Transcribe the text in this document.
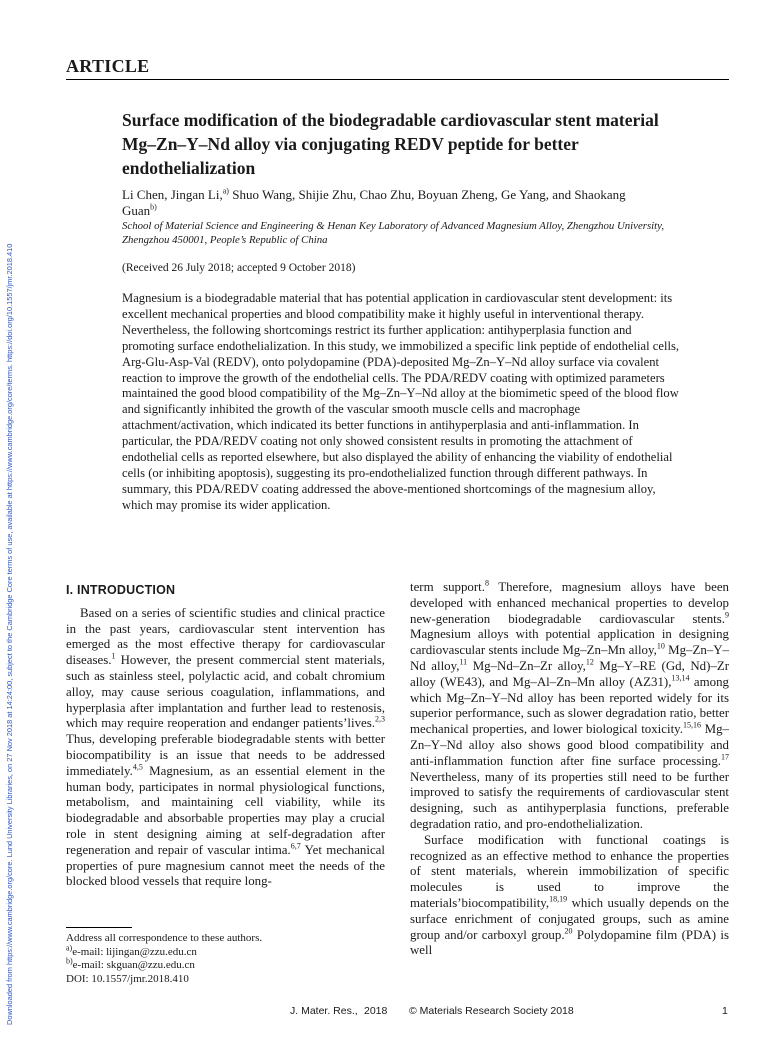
Downloaded from https://www.cambridge.org/core. Lund University Libraries, on 27 Nov 2018 at 14:24:00, subject to the Cambridge Core terms of use, available at https://www.cambridge.org/core/terms. https://doi.org/10.1557/jmr.2018.410
ARTICLE
Surface modification of the biodegradable cardiovascular stent material Mg–Zn–Y–Nd alloy via conjugating REDV peptide for better endothelialization

Li Chen, Jingan Li,$^{a)}$ Shuo Wang, Shijie Zhu, Chao Zhu, Boyuan Zheng, Ge Yang, and Shaokang Guan$^{b)}$

School of Material Science and Engineering & Henan Key Laboratory of Advanced Magnesium Alloy, Zhengzhou University, Zhengzhou 450001, People’s Republic of China

(Received 26 July 2018; accepted 9 October 2018)

Magnesium is a biodegradable material that has potential application in cardiovascular stent development: its excellent mechanical properties and blood compatibility make it highly useful in interventional therapy. Nevertheless, the following shortcomings restrict its further application: antihyperplasia function and promoting surface endothelialization. In this study, we immobilized a specific link peptide of endothelial cells, Arg-Glu-Asp-Val (REDV), onto polydopamine (PDA)-deposited Mg–Zn–Y–Nd alloy surface via covalent reaction to improve the growth of the endothelial cells. The PDA/REDV coating with optimized parameters maintained the good blood compatibility of the Mg–Zn–Y–Nd alloy at the biomimetic speed of the blood flow and significantly inhibited the growth of the vascular smooth muscle cells and macrophage attachment/activation, which indicated its better functions in antihyperplasia and anti-inflammation. In particular, the PDA/REDV coating not only showed consistent results in promoting the attachment of endothelial cells as reported elsewhere, but also displayed the ability of enhancing the viability of endothelial cells (or inhibiting apoptosis), suggesting its pro-endothelialized function through different pathways. In summary, this PDA/REDV coating addressed the above-mentioned shortcomings of the magnesium alloy, which may promise its wider application.

I. INTRODUCTION

Based on a series of scientific studies and clinical practice in the past years, cardiovascular stent intervention has emerged as the most effective therapy for cardiovascular diseases.$^1$ However, the present commercial stent materials, such as stainless steel, polylactic acid, and cobalt chromium alloy, may cause serious coagulation, inflammations, and hyperplasia after implantation and further lead to restenosis, which may require reoperation and endanger patients’lives.$^{2,3}$ Thus, developing preferable biodegradable stents with better biocompatibility is an issue that needs to be addressed immediately.$^{4,5}$ Magnesium, as an essential element in the human body, participates in normal physiological functions, metabolism, and maintaining cell viability, while its biodegradable and absorbable properties may play a crucial role in stent designing aiming at self-degradation after regeneration and repair of vascular intima.$^{6,7}$ Yet mechanical properties of pure magnesium cannot meet the needs of the blocked blood vessels that require long-

term support.$^8$ Therefore, magnesium alloys have been developed with enhanced mechanical properties to develop new-generation biodegradable cardiovascular stents.$^9$ Magnesium alloys with potential application in designing cardiovascular stents include Mg–Zn–Mn alloy,$^{10}$ Mg–Zn–Y–Nd alloy,$^{11}$ Mg–Nd–Zn–Zr alloy,$^{12}$ Mg–Y–RE (Gd, Nd)–Zr alloy (WE43), and Mg–Al–Zn–Mn alloy (AZ31),$^{13,14}$ among which Mg–Zn–Y–Nd alloy has been reported widely for its superior performance, such as slower degradation ratio, better mechanical properties, and lower biological toxicity.$^{15,16}$ Mg–Zn–Y–Nd alloy also shows good blood compatibility and anti-inflammation function after fine surface processing.$^{17}$ Nevertheless, many of its properties still need to be further improved to satisfy the requirements of cardiovascular stent designing, such as antihyperplasia functions, preferable degradation ratio, and pro-endothelialization.

Surface modification with functional coatings is recognized as an effective method to enhance the properties of stent materials, wherein immobilization of specific molecules is used to improve the materials’biocompatibility,$^{18,19}$ which usually depends on the surface enrichment of conjugated groups, such as amine group and/or carboxyl group.$^{20}$ Polydopamine film (PDA) is well

Address all correspondence to these authors.
$^{a)}$e-mail: lijingan@zzu.edu.cn
$^{b)}$e-mail: skguan@zzu.edu.cn
DOI: 10.1557/jmr.2018.410
J. Mater. Res., 2018 © Materials Research Society 2018	1
